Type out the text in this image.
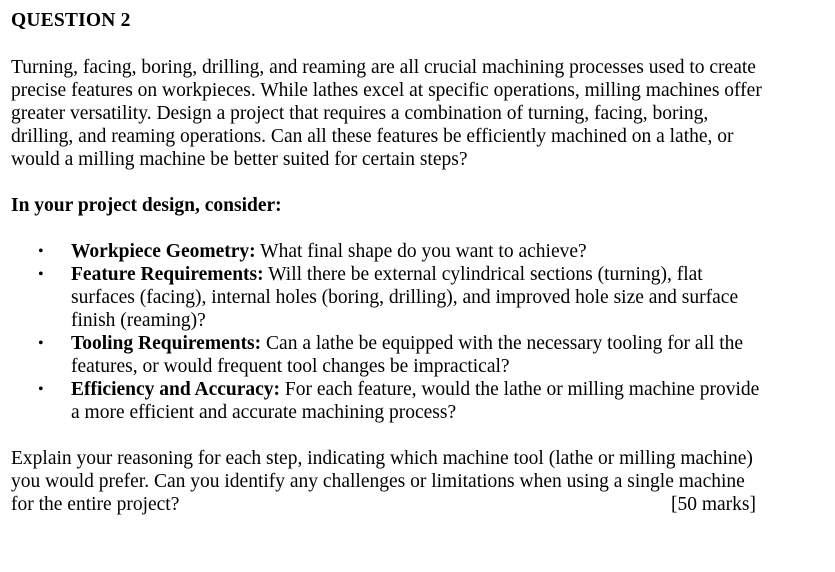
QUESTION 2

Turning, facing, boring, drilling, and reaming are all crucial machining processes used to create
precise features on workpieces. While lathes excel at specific operations, milling machines offer
greater versatility. Design a project that requires a combination of turning, facing, boring,
drilling, and reaming operations. Can all these features be efficiently machined on a lathe, or
would a milling machine be better suited for certain steps?

In your project design, consider:
• Workpiece Geometry: What final shape do you want to achieve?
• Feature Requirements: Will there be external cylindrical sections (turning), flat
surfaces (facing), internal holes (boring, drilling), and improved hole size and surface
finish (reaming)?
• Tooling Requirements: Can a lathe be equipped with the necessary tooling for all the
features, or would frequent tool changes be impractical?
• Efficiency and Accuracy: For each feature, would the lathe or milling machine provide
a more efficient and accurate machining process?

Explain your reasoning for each step, indicating which machine tool (lathe or milling machine)
you would prefer. Can you identify any challenges or limitations when using a single machine
for the entire project?	[50 marks]
